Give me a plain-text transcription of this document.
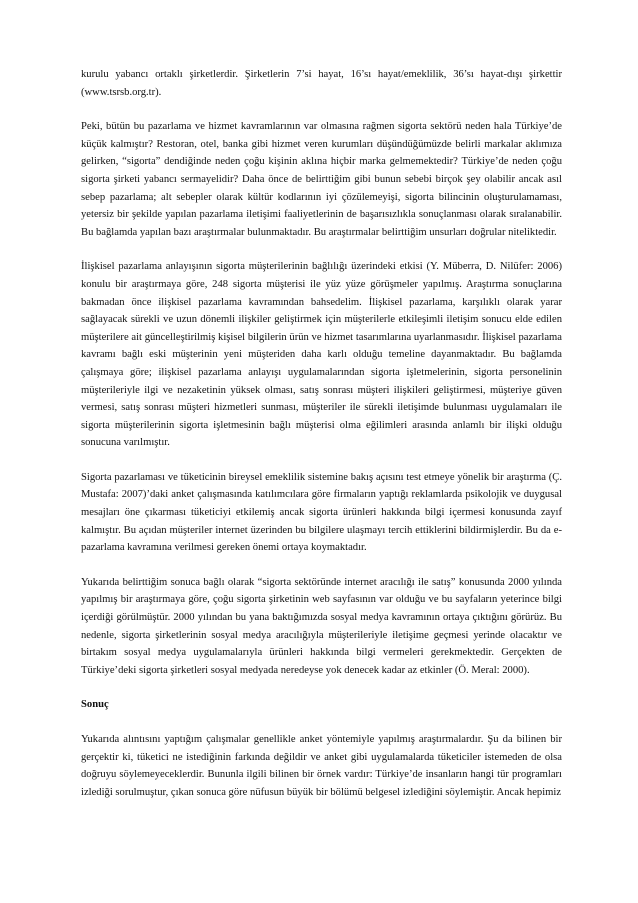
kurulu yabancı ortaklı şirketlerdir. Şirketlerin 7’si hayat, 16’sı hayat/emeklilik, 36’sı hayat-dışı şirkettir (www.tsrsb.org.tr).

Peki, bütün bu pazarlama ve hizmet kavramlarının var olmasına rağmen sigorta sektörü neden hala Türkiye’de küçük kalmıştır? Restoran, otel, banka gibi hizmet veren kurumları düşündüğümüzde belirli markalar aklımıza gelirken, “sigorta” dendiğinde neden çoğu kişinin aklına hiçbir marka gelmemektedir? Türkiye’de neden çoğu sigorta şirketi yabancı sermayelidir? Daha önce de belirttiğim gibi bunun sebebi birçok şey olabilir ancak asıl sebep pazarlama; alt sebepler olarak kültür kodlarının iyi çözülemeyişi, sigorta bilincinin oluşturulamaması, yetersiz bir şekilde yapılan pazarlama iletişimi faaliyetlerinin de başarısızlıkla sonuçlanması olarak sıralanabilir. Bu bağlamda yapılan bazı araştırmalar bulunmaktadır. Bu araştırmalar belirttiğim unsurları doğrular niteliktedir.

İlişkisel pazarlama anlayışının sigorta müşterilerinin bağlılığı üzerindeki etkisi (Y. Müberra, D. Nilüfer: 2006) konulu bir araştırmaya göre, 248 sigorta müşterisi ile yüz yüze görüşmeler yapılmış. Araştırma sonuçlarına bakmadan önce ilişkisel pazarlama kavramından bahsedelim. İlişkisel pazarlama, karşılıklı olarak yarar sağlayacak sürekli ve uzun dönemli ilişkiler geliştirmek için müşterilerle etkileşimli iletişim sonucu elde edilen müşterilere ait güncelleştirilmiş kişisel bilgilerin ürün ve hizmet tasarımlarına uyarlanmasıdır. İlişkisel pazarlama kavramı bağlı eski müşterinin yeni müşteriden daha karlı olduğu temeline dayanmaktadır. Bu bağlamda çalışmaya göre; ilişkisel pazarlama anlayışı uygulamalarından sigorta işletmelerinin, sigorta personelinin müşterileriyle ilgi ve nezaketinin yüksek olması, satış sonrası müşteri ilişkileri geliştirmesi, müşteriye güven vermesi, satış sonrası müşteri hizmetleri sunması, müşteriler ile sürekli iletişimde bulunması uygulamaları ile sigorta müşterilerinin sigorta işletmesinin bağlı müşterisi olma eğilimleri arasında anlamlı bir ilişki olduğu sonucuna varılmıştır.

Sigorta pazarlaması ve tüketicinin bireysel emeklilik sistemine bakış açısını test etmeye yönelik bir araştırma (Ç. Mustafa: 2007)’daki anket çalışmasında katılımcılara göre firmaların yaptığı reklamlarda psikolojik ve duygusal mesajları öne çıkarması tüketiciyi etkilemiş ancak sigorta ürünleri hakkında bilgi içermesi konusunda zayıf kalmıştır. Bu açıdan müşteriler internet üzerinden bu bilgilere ulaşmayı tercih ettiklerini bildirmişlerdir. Bu da e-pazarlama kavramına verilmesi gereken önemi ortaya koymaktadır.

Yukarıda belirttiğim sonuca bağlı olarak “sigorta sektöründe internet aracılığı ile satış” konusunda 2000 yılında yapılmış bir araştırmaya göre, çoğu sigorta şirketinin web sayfasının var olduğu ve bu sayfaların yeterince bilgi içerdiği görülmüştür. 2000 yılından bu yana baktığımızda sosyal medya kavramının ortaya çıktığını görürüz. Bu nedenle, sigorta şirketlerinin sosyal medya aracılığıyla müşterileriyle iletişime geçmesi yerinde olacaktır ve birtakım sosyal medya uygulamalarıyla ürünleri hakkında bilgi vermeleri gerekmektedir. Gerçekten de Türkiye’deki sigorta şirketleri sosyal medyada neredeyse yok denecek kadar az etkinler (Ö. Meral: 2000).

Sonuç

Yukarıda alıntısını yaptığım çalışmalar genellikle anket yöntemiyle yapılmış araştırmalardır. Şu da bilinen bir gerçektir ki, tüketici ne istediğinin farkında değildir ve anket gibi uygulamalarda tüketiciler istemeden de olsa doğruyu söylemeyeceklerdir. Bununla ilgili bilinen bir örnek vardır: Türkiye’de insanların hangi tür programları izlediği sorulmuştur, çıkan sonuca göre nüfusun büyük bir bölümü belgesel izlediğini söylemiştir. Ancak hepimiz
